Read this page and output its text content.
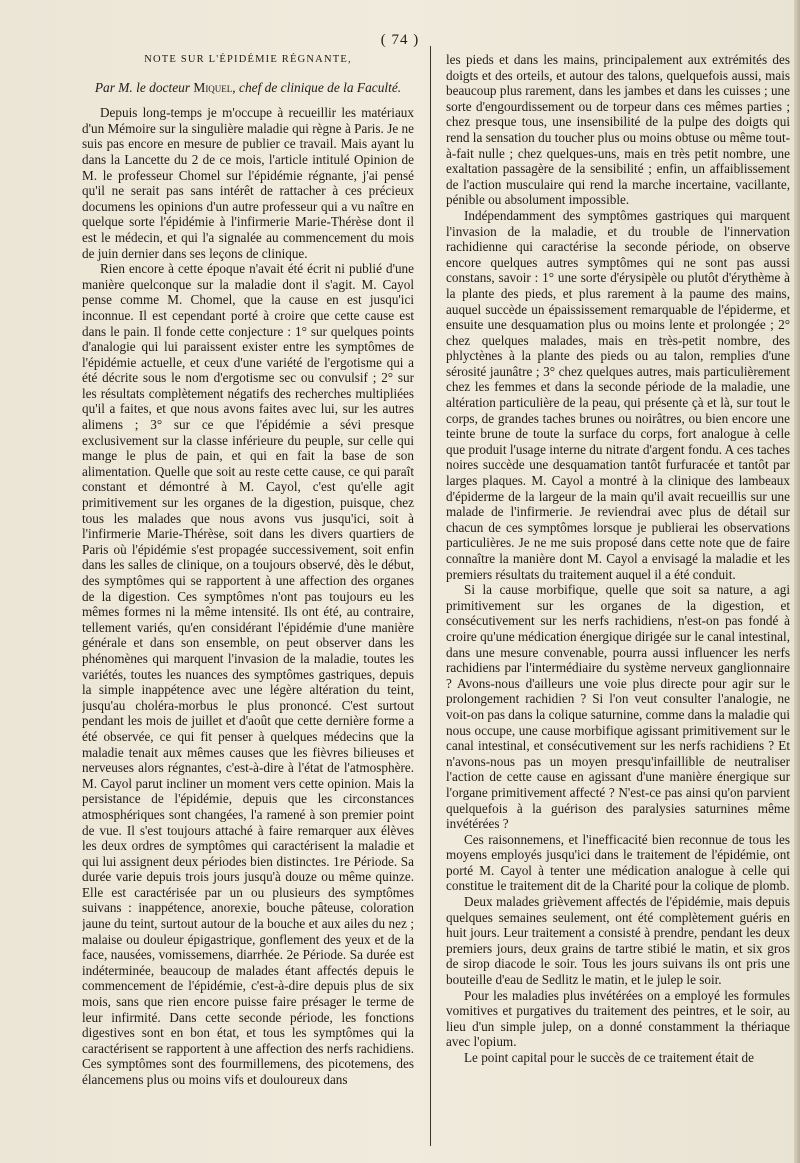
( 74 )
NOTE SUR L'ÉPIDÉMIE RÉGNANTE,
Par M. le docteur Miquel, chef de clinique de la Faculté.

Depuis long-temps je m'occupe à recueillir les matériaux d'un Mémoire sur la singulière maladie qui règne à Paris. Je ne suis pas encore en mesure de publier ce travail. Mais ayant lu dans la Lancette du 2 de ce mois, l'article intitulé Opinion de M. le professeur Chomel sur l'épidémie régnante, j'ai pensé qu'il ne serait pas sans intérêt de rattacher à ces précieux documens les opinions d'un autre professeur qui a vu naître en quelque sorte l'épidémie à l'infirmerie Marie-Thérèse dont il est le médecin, et qui l'a signalée au commencement du mois de juin dernier dans ses leçons de clinique.

Rien encore à cette époque n'avait été écrit ni publié d'une manière quelconque sur la maladie dont il s'agit. M. Cayol pense comme M. Chomel, que la cause en est jusqu'ici inconnue. Il est cependant porté à croire que cette cause est dans le pain. Il fonde cette conjecture : 1° sur quelques points d'analogie qui lui paraissent exister entre les symptômes de l'épidémie actuelle, et ceux d'une variété de l'ergotisme qui a été décrite sous le nom d'ergotisme sec ou convulsif ; 2° sur les résultats complètement négatifs des recherches multipliées qu'il a faites, et que nous avons faites avec lui, sur les autres alimens ; 3° sur ce que l'épidémie a sévi presque exclusivement sur la classe inférieure du peuple, sur celle qui mange le plus de pain, et qui en fait la base de son alimentation. Quelle que soit au reste cette cause, ce qui paraît constant et démontré à M. Cayol, c'est qu'elle agit primitivement sur les organes de la digestion, puisque, chez tous les malades que nous avons vus jusqu'ici, soit à l'infirmerie Marie-Thérèse, soit dans les divers quartiers de Paris où l'épidémie s'est propagée successivement, soit enfin dans les salles de clinique, on a toujours observé, dès le début, des symptômes qui se rapportent à une affection des organes de la digestion. Ces symptômes n'ont pas toujours eu les mêmes formes ni la même intensité. Ils ont été, au contraire, tellement variés, qu'en considérant l'épidémie d'une manière générale et dans son ensemble, on peut observer dans les phénomènes qui marquent l'invasion de la maladie, toutes les variétés, toutes les nuances des symptômes gastriques, depuis la simple inappétence avec une légère altération du teint, jusqu'au choléra-morbus le plus prononcé. C'est surtout pendant les mois de juillet et d'août que cette dernière forme a été observée, ce qui fit penser à quelques médecins que la maladie tenait aux mêmes causes que les fièvres bilieuses et nerveuses alors régnantes, c'est-à-dire à l'état de l'atmosphère. M. Cayol parut incliner un moment vers cette opinion. Mais la persistance de l'épidémie, depuis que les circonstances atmosphériques sont changées, l'a ramené à son premier point de vue. Il s'est toujours attaché à faire remarquer aux élèves les deux ordres de symptômes qui caractérisent la maladie et qui lui assignent deux périodes bien distinctes. 1re Période. Sa durée varie depuis trois jours jusqu'à douze ou même quinze. Elle est caractérisée par un ou plusieurs des symptômes suivans : inappétence, anorexie, bouche pâteuse, coloration jaune du teint, surtout autour de la bouche et aux ailes du nez ; malaise ou douleur épigastrique, gonflement des yeux et de la face, nausées, vomissemens, diarrhée. 2e Période. Sa durée est indéterminée, beaucoup de malades étant affectés depuis le commencement de l'épidémie, c'est-à-dire depuis plus de six mois, sans que rien encore puisse faire présager le terme de leur infirmité. Dans cette seconde période, les fonctions digestives sont en bon état, et tous les symptômes qui la caractérisent se rapportent à une affection des nerfs rachidiens. Ces symptômes sont des fourmillemens, des picotemens, des élancemens plus ou moins vifs et douloureux dans

les pieds et dans les mains, principalement aux extrémités des doigts et des orteils, et autour des talons, quelquefois aussi, mais beaucoup plus rarement, dans les jambes et dans les cuisses ; une sorte d'engourdissement ou de torpeur dans ces mêmes parties ; chez presque tous, une insensibilité de la pulpe des doigts qui rend la sensation du toucher plus ou moins obtuse ou même tout-à-fait nulle ; chez quelques-uns, mais en très petit nombre, une exaltation passagère de la sensibilité ; enfin, un affaiblissement de l'action musculaire qui rend la marche incertaine, vacillante, pénible ou absolument impossible.

Indépendamment des symptômes gastriques qui marquent l'invasion de la maladie, et du trouble de l'innervation rachidienne qui caractérise la seconde période, on observe encore quelques autres symptômes qui ne sont pas aussi constans, savoir : 1° une sorte d'érysipèle ou plutôt d'érythème à la plante des pieds, et plus rarement à la paume des mains, auquel succède un épaississement remarquable de l'épiderme, et ensuite une desquamation plus ou moins lente et prolongée ; 2° chez quelques malades, mais en très-petit nombre, des phlyctènes à la plante des pieds ou au talon, remplies d'une sérosité jaunâtre ; 3° chez quelques autres, mais particulièrement chez les femmes et dans la seconde période de la maladie, une altération particulière de la peau, qui présente çà et là, sur tout le corps, de grandes taches brunes ou noirâtres, ou bien encore une teinte brune de toute la surface du corps, fort analogue à celle que produit l'usage interne du nitrate d'argent fondu. A ces taches noires succède une desquamation tantôt furfuracée et tantôt par larges plaques. M. Cayol a montré à la clinique des lambeaux d'épiderme de la largeur de la main qu'il avait recueillis sur une malade de l'infirmerie. Je reviendrai avec plus de détail sur chacun de ces symptômes lorsque je publierai les observations particulières. Je ne me suis proposé dans cette note que de faire connaître la manière dont M. Cayol a envisagé la maladie et les premiers résultats du traitement auquel il a été conduit.

Si la cause morbifique, quelle que soit sa nature, a agi primitivement sur les organes de la digestion, et consécutivement sur les nerfs rachidiens, n'est-on pas fondé à croire qu'une médication énergique dirigée sur le canal intestinal, dans une mesure convenable, pourra aussi influencer les nerfs rachidiens par l'intermédiaire du système nerveux ganglionnaire ? Avons-nous d'ailleurs une voie plus directe pour agir sur le prolongement rachidien ? Si l'on veut consulter l'analogie, ne voit-on pas dans la colique saturnine, comme dans la maladie qui nous occupe, une cause morbifique agissant primitivement sur le canal intestinal, et consécutivement sur les nerfs rachidiens ? Et n'avons-nous pas un moyen presqu'infaillible de neutraliser l'action de cette cause en agissant d'une manière énergique sur l'organe primitivement affecté ? N'est-ce pas ainsi qu'on parvient quelquefois à la guérison des paralysies saturnines même invétérées ?

Ces raisonnemens, et l'inefficacité bien reconnue de tous les moyens employés jusqu'ici dans le traitement de l'épidémie, ont porté M. Cayol à tenter une médication analogue à celle qui constitue le traitement dit de la Charité pour la colique de plomb.

Deux malades grièvement affectés de l'épidémie, mais depuis quelques semaines seulement, ont été complètement guéris en huit jours. Leur traitement a consisté à prendre, pendant les deux premiers jours, deux grains de tartre stibié le matin, et six gros de sirop diacode le soir. Tous les jours suivans ils ont pris une bouteille d'eau de Sedlitz le matin, et le julep le soir.

Pour les maladies plus invétérées on a employé les formules vomitives et purgatives du traitement des peintres, et le soir, au lieu d'un simple julep, on a donné constamment la thériaque avec l'opium.

Le point capital pour le succès de ce traitement était de
